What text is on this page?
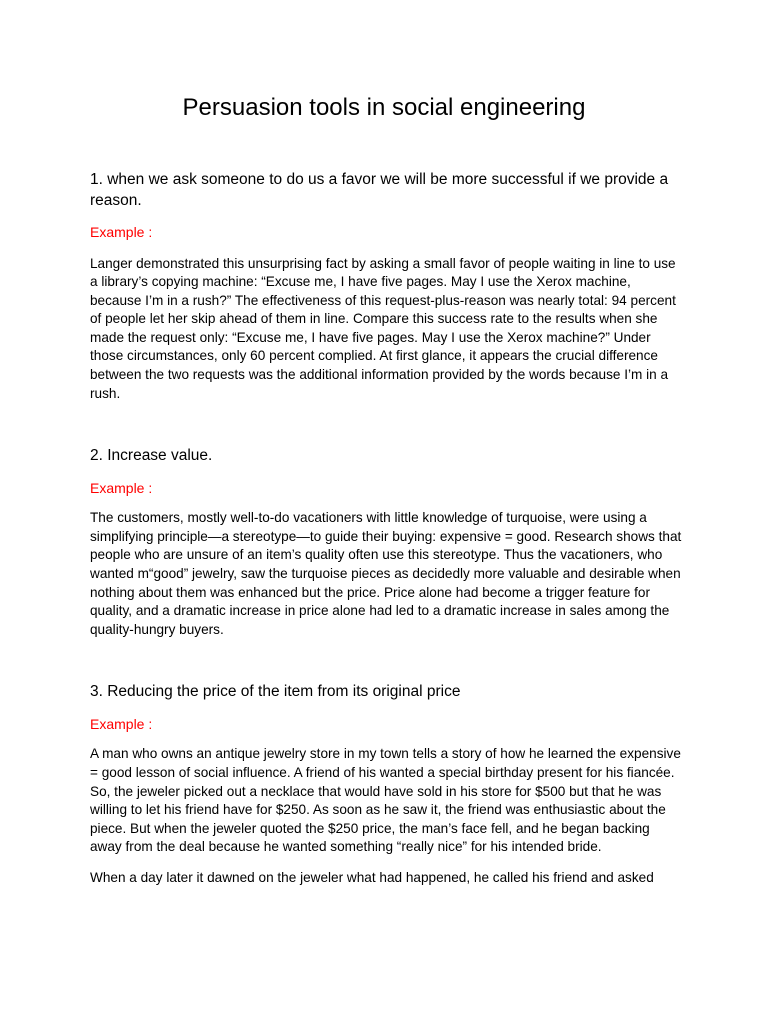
Persuasion tools in social engineering

1. when we ask someone to do us a favor we will be more successful if we provide a reason.

Example :

Langer demonstrated this unsurprising fact by asking a small favor of people waiting in line to use a library’s copying machine: “Excuse me, I have five pages. May I use the Xerox machine, because I’m in a rush?” The effectiveness of this request-plus-reason was nearly total: 94 percent of people let her skip ahead of them in line. Compare this success rate to the results when she made the request only: “Excuse me, I have five pages. May I use the Xerox machine?” Under those circumstances, only 60 percent complied. At first glance, it appears the crucial difference between the two requests was the additional information provided by the words because I’m in a rush.

2. Increase value.

Example :

The customers, mostly well-to-do vacationers with little knowledge of turquoise, were using a simplifying principle—a stereotype—to guide their buying: expensive = good. Research shows that people who are unsure of an item’s quality often use this stereotype. Thus the vacationers, who wanted m“good” jewelry, saw the turquoise pieces as decidedly more valuable and desirable when nothing about them was enhanced but the price. Price alone had become a trigger feature for quality, and a dramatic increase in price alone had led to a dramatic increase in sales among the quality-hungry buyers.

3. Reducing the price of the item from its original price

Example :

A man who owns an antique jewelry store in my town tells a story of how he learned the expensive = good lesson of social influence. A friend of his wanted a special birthday present for his fiancée. So, the jeweler picked out a necklace that would have sold in his store for $500 but that he was willing to let his friend have for $250. As soon as he saw it, the friend was enthusiastic about the piece. But when the jeweler quoted the $250 price, the man’s face fell, and he began backing away from the deal because he wanted something “really nice” for his intended bride.

When a day later it dawned on the jeweler what had happened, he called his friend and asked
